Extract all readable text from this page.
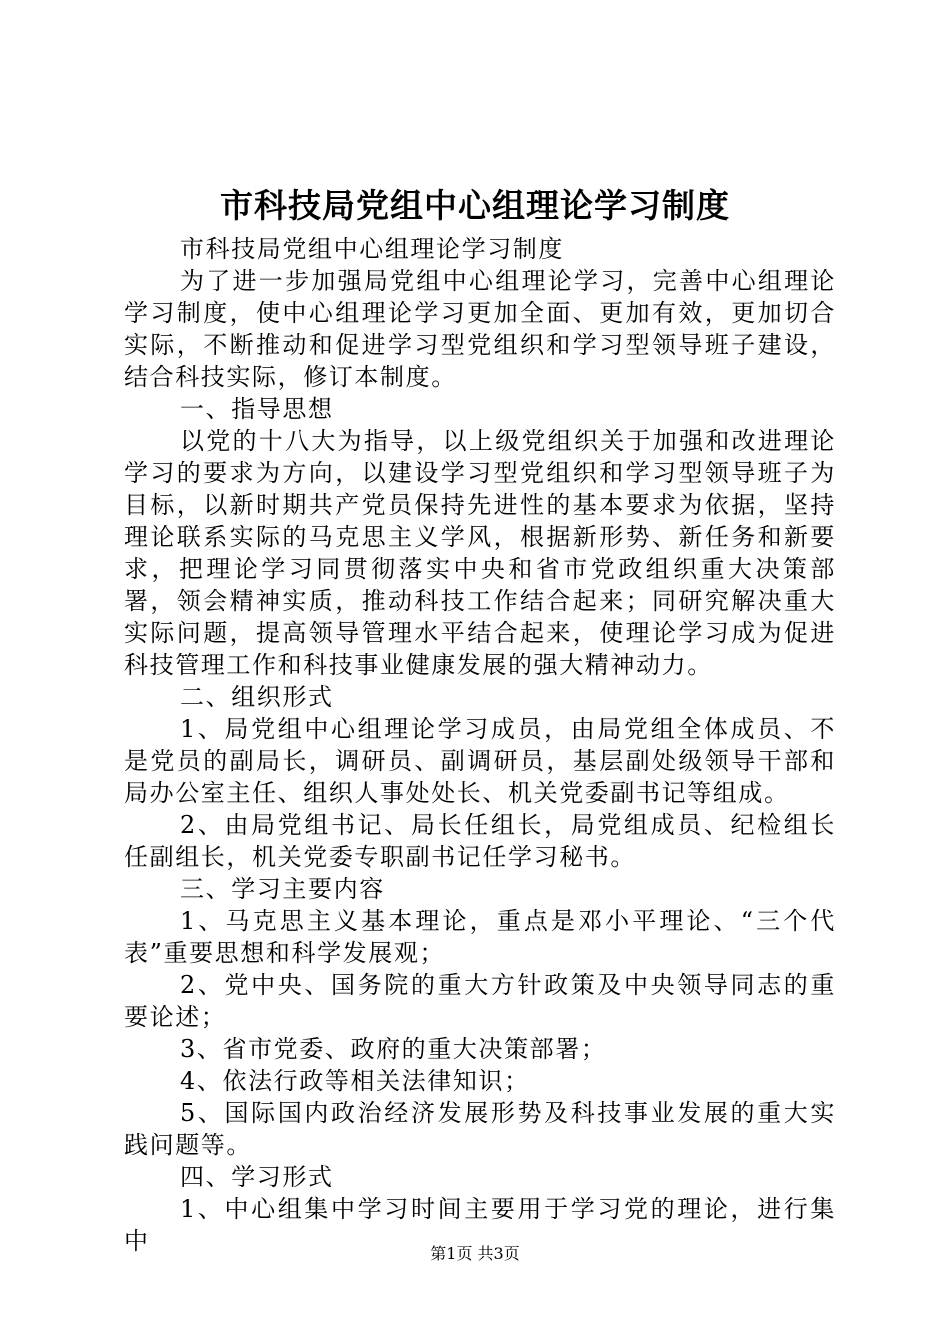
市科技局党组中心组理论学习制度

市科技局党组中心组理论学习制度

为了进一步加强局党组中心组理论学习，完善中心组理论学习制度，使中心组理论学习更加全面、更加有效，更加切合实际，不断推动和促进学习型党组织和学习型领导班子建设，结合科技实际，修订本制度。

一、指导思想

以党的十八大为指导，以上级党组织关于加强和改进理论学习的要求为方向，以建设学习型党组织和学习型领导班子为目标，以新时期共产党员保持先进性的基本要求为依据，坚持理论联系实际的马克思主义学风，根据新形势、新任务和新要求，把理论学习同贯彻落实中央和省市党政组织重大决策部署，领会精神实质，推动科技工作结合起来；同研究解决重大实际问题，提高领导管理水平结合起来，使理论学习成为促进科技管理工作和科技事业健康发展的强大精神动力。

二、组织形式

1、局党组中心组理论学习成员，由局党组全体成员、不是党员的副局长，调研员、副调研员，基层副处级领导干部和局办公室主任、组织人事处处长、机关党委副书记等组成。

2、由局党组书记、局长任组长，局党组成员、纪检组长任副组长，机关党委专职副书记任学习秘书。

三、学习主要内容

1、马克思主义基本理论，重点是邓小平理论、“三个代表”重要思想和科学发展观；

2、党中央、国务院的重大方针政策及中央领导同志的重要论述；

3、省市党委、政府的重大决策部署；

4、依法行政等相关法律知识；

5、国际国内政治经济发展形势及科技事业发展的重大实践问题等。

四、学习形式

1、中心组集中学习时间主要用于学习党的理论，进行集中	第1页 共3页
